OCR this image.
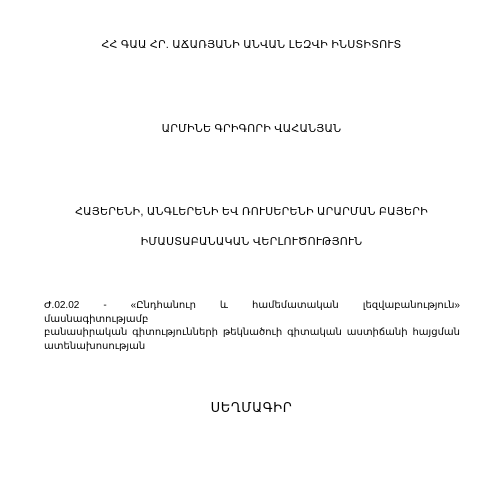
ՀՀ ԳԱԱ ՀՐ. ԱՃԱՌՅԱՆԻ ԱՆՎԱՆ ԼԵԶՎԻ ԻՆՍՏԻՏՈՒՏ
ԱՐՄԻՆԵ ԳՐԻԳՈՐԻ ՎԱՀԱՆՅԱՆ
ՀԱՅԵՐԵՆԻ, ԱՆԳԼԵՐԵՆԻ ԵՎ ՌՈՒՍԵՐԵՆԻ ԱՐԱՐՄԱՆ ԲԱՅԵՐԻ
ԻՄԱՍՏԱԲԱՆԱԿԱՆ ՎԵՐԼՈՒԾՈՒԹՅՈՒՆ
Ժ.02.02 - «Ընդհանուր և համեմատական լեզվաբանություն» մասնագիտությամբ
բանասիրական գիտությունների թեկնածուի գիտական աստիճանի հայցման
ատենախոսության
ՍԵՂՄԱԳԻՐ
